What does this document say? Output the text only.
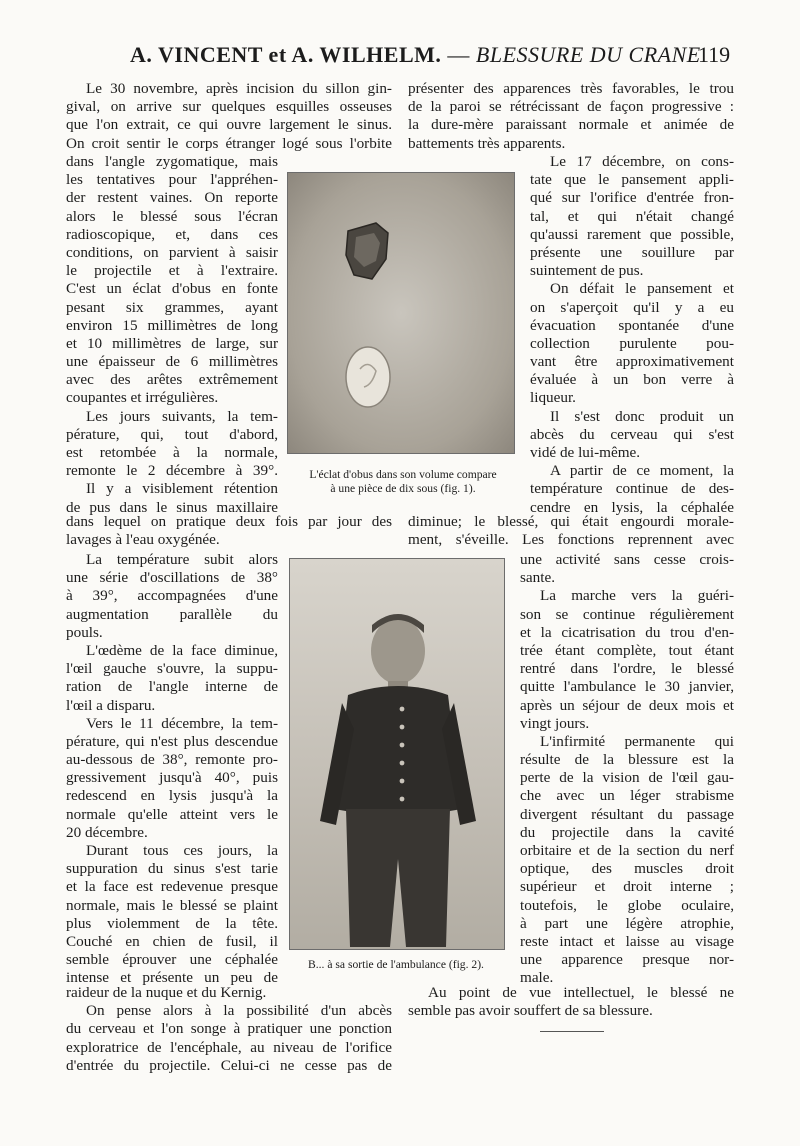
A. VINCENT et A. WILHELM. — BLESSURE DU CRANE
119
Le 30 novembre, après incision du sillon gin-
gival, on arrive sur quelques esquilles osseuses
que l'on extrait, ce qui ouvre largement le sinus.
On croit sentir le corps étranger logé sous l'orbite
dans l'angle zygomatique, mais
les tentatives pour l'appréhen-
der restent vaines. On reporte
alors le blessé sous l'écran
radioscopique, et, dans ces
conditions, on parvient à saisir
le projectile et à l'extraire.
C'est un éclat d'obus en fonte
pesant six grammes, ayant
environ 15 millimètres de long
et 10 millimètres de large, sur
une épaisseur de 6 millimètres
avec des arêtes extrêmement
coupantes et irrégulières.
Les jours suivants, la tem-
pérature, qui, tout d'abord,
est retombée à la normale,
remonte le 2 décembre à 39°.
Il y a visiblement rétention
de pus dans le sinus maxillaire
dans lequel on pratique deux fois par jour des
lavages à l'eau oxygénée.
La température subit alors
une série d'oscillations de 38°
à 39°, accompagnées d'une
augmentation parallèle du
pouls.
L'œdème de la face diminue,
l'œil gauche s'ouvre, la suppu-
ration de l'angle interne de
l'œil a disparu.
Vers le 11 décembre, la tem-
pérature, qui n'est plus descendue
au-dessous de 38°, remonte pro-
gressivement jusqu'à 40°, puis
redescend en lysis jusqu'à la
normale qu'elle atteint vers le
20 décembre.
Durant tous ces jours, la
suppuration du sinus s'est tarie
et la face est redevenue presque
normale, mais le blessé se plaint
plus violemment de la tête.
Couché en chien de fusil, il
semble éprouver une céphalée
intense et présente un peu de
raideur de la nuque et du Kernig.
On pense alors à la possibilité d'un abcès
du cerveau et l'on songe à pratiquer une ponction
exploratrice de l'encéphale, au niveau de l'orifice
d'entrée du projectile. Celui-ci ne cesse pas de
présenter des apparences très favorables, le trou
de la paroi se rétrécissant de façon progressive :
la dure-mère paraissant normale et animée de
battements très apparents.
Le 17 décembre, on cons-
tate que le pansement appli-
qué sur l'orifice d'entrée fron-
tal, et qui n'était changé
qu'aussi rarement que possible,
présente une souillure par
suintement de pus.
On défait le pansement et
on s'aperçoit qu'il y a eu
évacuation spontanée d'une
collection purulente pou-
vant être approximativement
évaluée à un bon verre à
liqueur.
Il s'est donc produit un
abcès du cerveau qui s'est
vidé de lui-même.
A partir de ce moment, la
température continue de des-
cendre en lysis, la céphalée
diminue; le blessé, qui était engourdi morale-
ment, s'éveille. Les fonctions reprennent avec
une activité sans cesse crois-
sante.
La marche vers la guéri-
son se continue régulièrement
et la cicatrisation du trou d'en-
trée étant complète, tout étant
rentré dans l'ordre, le blessé
quitte l'ambulance le 30 janvier,
après un séjour de deux mois et
vingt jours.
L'infirmité permanente qui
résulte de la blessure est la
perte de la vision de l'œil gau-
che avec un léger strabisme
divergent résultant du passage
du projectile dans la cavité
orbitaire et de la section du nerf
optique, des muscles droit
supérieur et droit interne ;
toutefois, le globe oculaire,
à part une légère atrophie,
reste intact et laisse au visage
une apparence presque nor-
male.
Au point de vue intellectuel, le blessé ne
semble pas avoir souffert de sa blessure.
L'éclat d'obus dans son volume compare
à une pièce de dix sous (fig. 1).
B... à sa sortie de l'ambulance (fig. 2).
